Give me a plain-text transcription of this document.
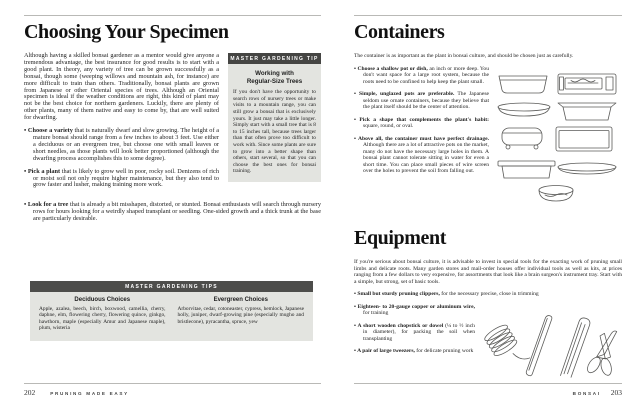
Choosing Your Specimen

Although having a skilled bonsai gardener as a mentor would give anyone a tremendous advantage, the best insurance for good results is to start with a good plant. In theory, any variety of tree can be grown successfully as a bonsai, though some (weeping willows and mountain ash, for instance) are more difficult to train than others. Traditionally, bonsai plants are grown from Japanese or other Oriental species of trees. Although an Oriental specimen is ideal if the weather conditions are right, this kind of plant may not be the best choice for northern gardeners. Luckily, there are plenty of other plants, many of them native and easy to come by, that are well suited for dwarfing.

• Choose a variety that is naturally dwarf and slow growing. The height of a mature bonsai should range from a few inches to about 3 feet. Use either a deciduous or an evergreen tree, but choose one with small leaves or short needles, as those plants will look better proportioned (although the dwarfing process accomplishes this to some degree).

• Pick a plant that is likely to grow well in poor, rocky soil. Denizens of rich or moist soil not only require higher maintenance, but they also tend to grow faster and lusher, making training more work.

MASTER GARDENING TIP

Working with Regular-Size Trees

If you don't have the opportunity to search rows of nursery trees or make visits to a mountain range, you can still grow a bonsai that is exclusively yours. It just may take a little longer. Simply start with a small tree that is 8 to 15 inches tall, because trees larger than that often prove too difficult to work with. Since some plants are sure to grow into a better shape than others, start several, so that you can choose the best ones for bonsai training.

• Look for a tree that is already a bit misshapen, distorted, or stunted. Bonsai enthusiasts will search through nursery rows for hours looking for a weirdly shaped transplant or seedling. One-sided growth and a thick trunk at the base are particularly desirable.

MASTER GARDENING TIPS

Deciduous Choices

Apple, azalea, beech, birch, boxwood, camellia, cherry, daphne, elm, flowering cherry, flowering quince, ginkgo, hawthorn, maple (especially Amur and Japanese maple), plum, wisteria

Evergreen Choices

Arborvitae, cedar, cotoneaster, cypress, hemlock, Japanese holly, juniper, dwarf-growing pine (especially mugho and bristlecone), pyracantha, spruce, yew

202	PRUNING MADE EASY
Containers

The container is as important as the plant in bonsai culture, and should be chosen just as carefully.

• Choose a shallow pot or dish, an inch or more deep. You don't want space for a large root system, because the roots need to be confined to help keep the plant small.

• Simple, unglazed pots are preferable. The Japanese seldom use ornate containers, because they believe that the plant itself should be the center of attention.

• Pick a shape that complements the plant's habit: square, round, or oval.

• Above all, the container must have perfect drainage. Although there are a lot of attractive pots on the market, many do not have the necessary large holes in them. A bonsai plant cannot tolerate sitting in water for even a short time. You can place small pieces of wire screen over the holes to prevent the soil from falling out.

Equipment

If you're serious about bonsai culture, it is advisable to invest in special tools for the exacting work of pruning small limbs and delicate roots. Many garden stores and mail-order houses offer individual tools as well as kits, at prices ranging from a few dollars to very expensive, for assortments that look like a brain surgeon's instrument tray. Start with a simple, but strong, set of basic tools.

• Small but sturdy pruning clippers, for the necessary precise, close in trimming

• Eighteen- to 20-gauge copper or aluminum wire, for training

• A short wooden chopstick or dowel (¼ to ½ inch in diameter), for packing the soil when transplanting

• A pair of large tweezers, for delicate pruning work

BONSAI 203
